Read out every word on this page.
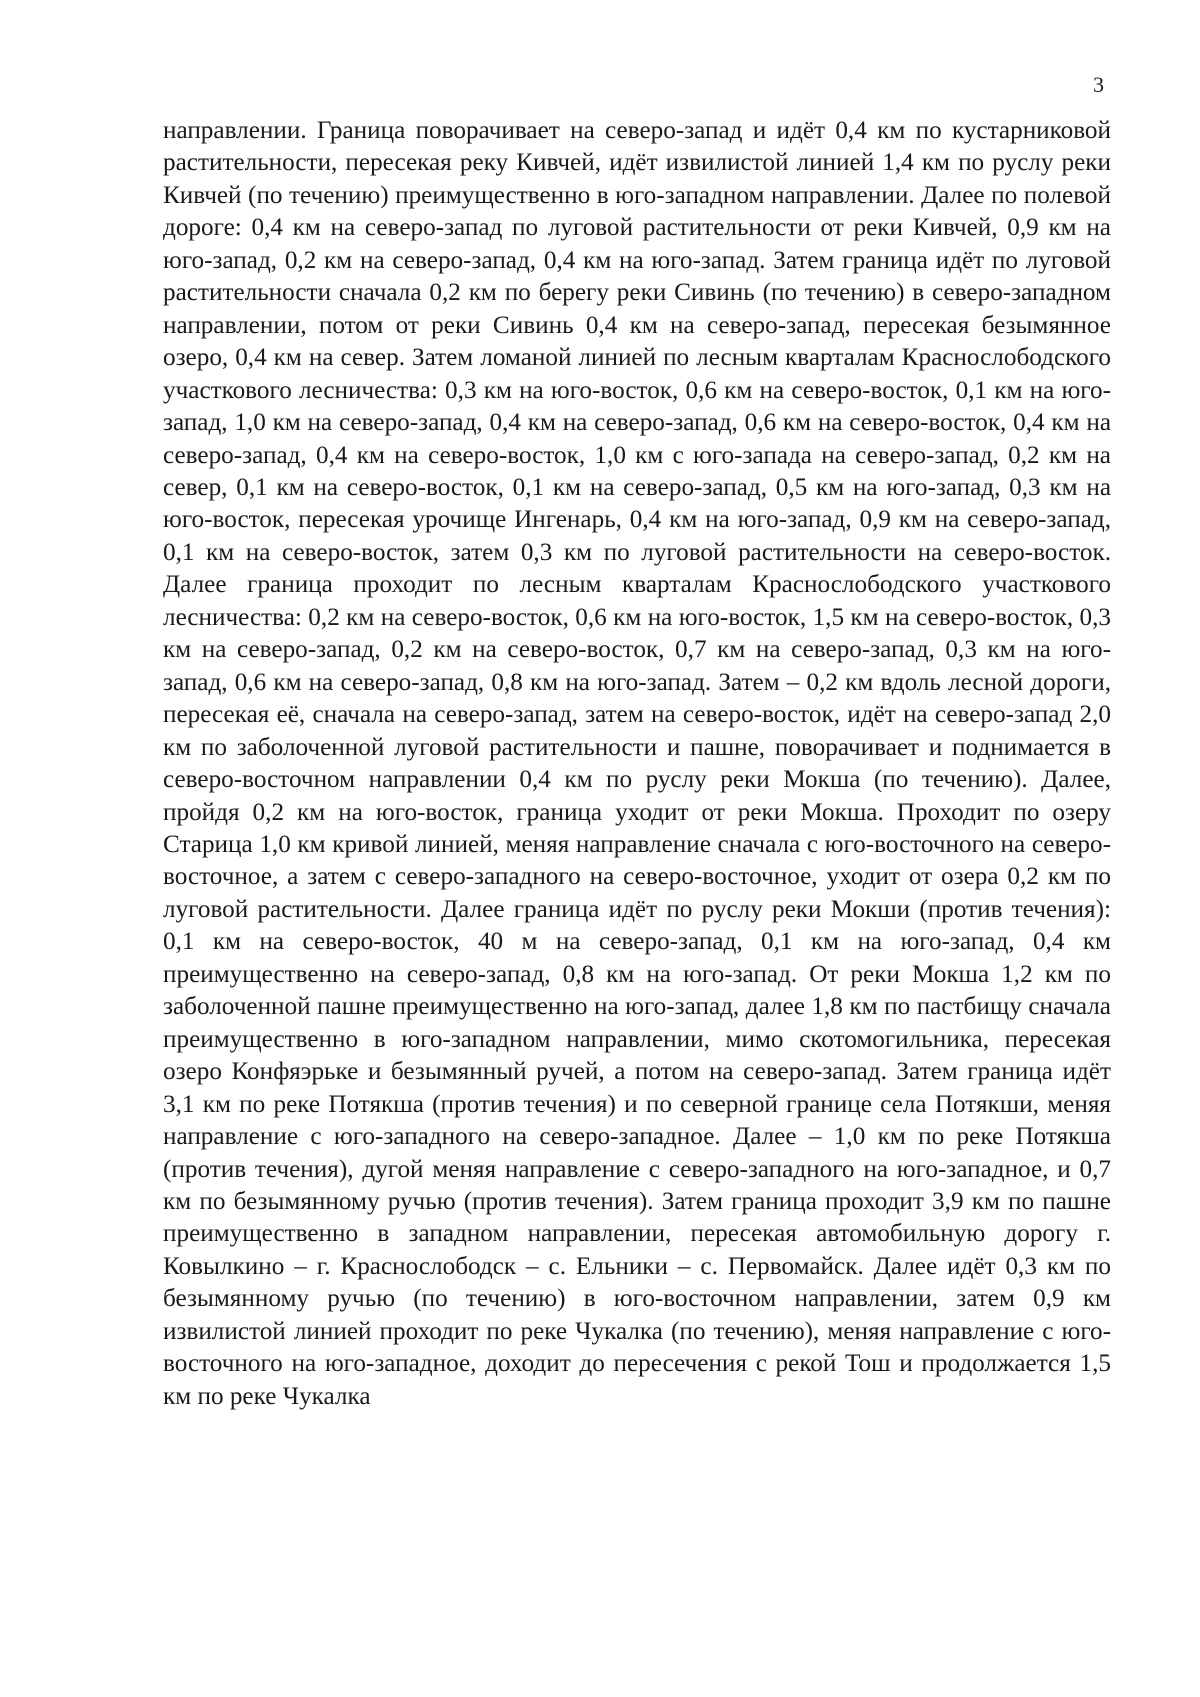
3

направлении. Граница поворачивает на северо-запад и идёт 0,4 км по кустарниковой растительности, пересекая реку Кивчей, идёт извилистой линией 1,4 км по руслу реки Кивчей (по течению) преимущественно в юго-западном направлении. Далее по полевой дороге: 0,4 км на северо-запад по луговой растительности от реки Кивчей, 0,9 км на юго-запад, 0,2 км на северо-запад, 0,4 км на юго-запад. Затем граница идёт по луговой растительности сначала 0,2 км по берегу реки Сивинь (по течению) в северо-западном направлении, потом от реки Сивинь 0,4 км на северо-запад, пересекая безымянное озеро, 0,4 км на север. Затем ломаной линией по лесным кварталам Краснослободского участкового лесничества: 0,3 км на юго-восток, 0,6 км на северо-восток, 0,1 км на юго-запад, 1,0 км на северо-запад, 0,4 км на северо-запад, 0,6 км на северо-восток, 0,4 км на северо-запад, 0,4 км на северо-восток, 1,0 км с юго-запада на северо-запад, 0,2 км на север, 0,1 км на северо-восток, 0,1 км на северо-запад, 0,5 км на юго-запад, 0,3 км на юго-восток, пересекая урочище Ингенарь, 0,4 км на юго-запад, 0,9 км на северо-запад, 0,1 км на северо-восток, затем 0,3 км по луговой растительности на северо-восток. Далее граница проходит по лесным кварталам Краснослободского участкового лесничества: 0,2 км на северо-восток, 0,6 км на юго-восток, 1,5 км на северо-восток, 0,3 км на северо-запад, 0,2 км на северо-восток, 0,7 км на северо-запад, 0,3 км на юго-запад, 0,6 км на северо-запад, 0,8 км на юго-запад. Затем – 0,2 км вдоль лесной дороги, пересекая её, сначала на северо-запад, затем на северо-восток, идёт на северо-запад 2,0 км по заболоченной луговой растительности и пашне, поворачивает и поднимается в северо-восточном направлении 0,4 км по руслу реки Мокша (по течению). Далее, пройдя 0,2 км на юго-восток, граница уходит от реки Мокша. Проходит по озеру Старица 1,0 км кривой линией, меняя направление сначала с юго-восточного на северо-восточное, а затем с северо-западного на северо-восточное, уходит от озера 0,2 км по луговой растительности. Далее граница идёт по руслу реки Мокши (против течения): 0,1 км на северо-восток, 40 м на северо-запад, 0,1 км на юго-запад, 0,4 км преимущественно на северо-запад, 0,8 км на юго-запад. От реки Мокша 1,2 км по заболоченной пашне преимущественно на юго-запад, далее 1,8 км по пастбищу сначала преимущественно в юго-западном направлении, мимо скотомогильника, пересекая озеро Конфяэрьке и безымянный ручей, а потом на северо-запад. Затем граница идёт 3,1 км по реке Потякша (против течения) и по северной границе села Потякши, меняя направление с юго-западного на северо-западное. Далее – 1,0 км по реке Потякша (против течения), дугой меняя направление с северо-западного на юго-западное, и 0,7 км по безымянному ручью (против течения). Затем граница проходит 3,9 км по пашне преимущественно в западном направлении, пересекая автомобильную дорогу г. Ковылкино – г. Краснослободск – с. Ельники – с. Первомайск. Далее идёт 0,3 км по безымянному ручью (по течению) в юго-восточном направлении, затем 0,9 км извилистой линией проходит по реке Чукалка (по течению), меняя направление с юго-восточного на юго-западное, доходит до пересечения с рекой Тош и продолжается 1,5 км по реке Чукалка
